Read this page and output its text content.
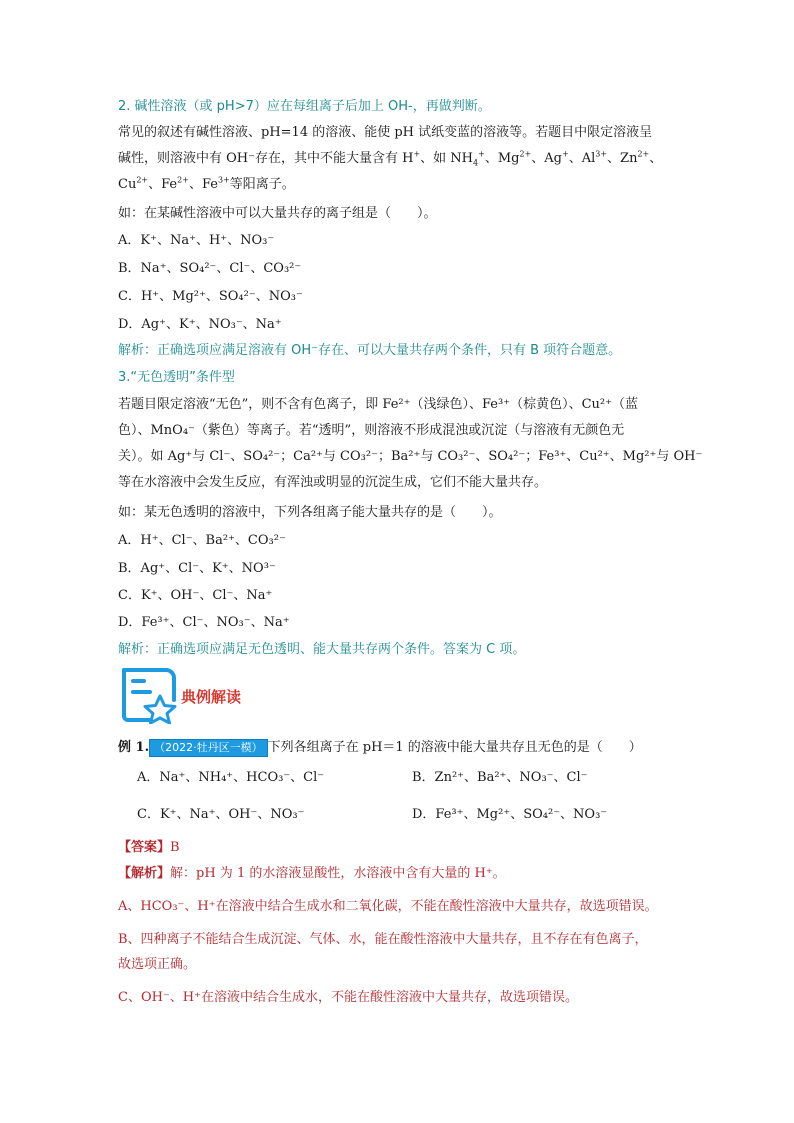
2. 碱性溶液（或 pH>7）应在每组离子后加上 OH-，再做判断。
常见的叙述有碱性溶液、pH=14 的溶液、能使 pH 试纸变蓝的溶液等。若题目中限定溶液呈
碱性，则溶液中有 OH⁻存在，其中不能大量含有 H+、如 $NH_4^+$、$Mg^{2+}$、Ag+、$Al^{3+}$、$Zn^{2+}$、
$Cu^{2+}$、$Fe^{2+}$、$Fe^{3+}$等阳离子。
如：在某碱性溶液中可以大量共存的离子组是（　　）。
A．K⁺、Na⁺、H⁺、NO₃⁻
B．Na⁺、SO₄²⁻、Cl⁻、CO₃²⁻
C．H⁺、Mg²⁺、SO₄²⁻、NO₃⁻
D．Ag⁺、K⁺、NO₃⁻、Na⁺
解析：正确选项应满足溶液有 OH⁻存在、可以大量共存两个条件，只有 B 项符合题意。
3.“无色透明”条件型
若题目限定溶液“无色”，则不含有色离子，即 Fe²⁺（浅绿色）、Fe³⁺（棕黄色）、Cu²⁺（蓝
色）、MnO₄⁻（紫色）等离子。若“透明”，则溶液不形成混浊或沉淀（与溶液有无颜色无
关）。如 Ag⁺与 Cl⁻、SO₄²⁻；Ca²⁺与 CO₃²⁻；Ba²⁺与 CO₃²⁻、SO₄²⁻；Fe³⁺、Cu²⁺、Mg²⁺与 OH⁻
等在水溶液中会发生反应，有浑浊或明显的沉淀生成，它们不能大量共存。
如：某无色透明的溶液中，下列各组离子能大量共存的是（　　）。
A．H⁺、Cl⁻、Ba²⁺、CO₃²⁻
B．Ag⁺、Cl⁻、K⁺、NO³⁻
C．K⁺、OH⁻、Cl⁻、Na⁺
D．Fe³⁺、Cl⁻、NO₃⁻、Na⁺
解析：正确选项应满足无色透明、能大量共存两个条件。答案为 C 项。
典例解读
例 1. （2022·牡丹区一模） 下列各组离子在 pH＝1 的溶液中能大量共存且无色的是（　　）
A．Na⁺、NH₄⁺、HCO₃⁻、Cl⁻	B．Zn²⁺、Ba²⁺、NO₃⁻、Cl⁻
C．K⁺、Na⁺、OH⁻、NO₃⁻	D．Fe³⁺、Mg²⁺、SO₄²⁻、NO₃⁻
【答案】B
【解析】解：pH 为 1 的水溶液显酸性，水溶液中含有大量的 H⁺。
A、HCO₃⁻、H⁺在溶液中结合生成水和二氧化碳，不能在酸性溶液中大量共存，故选项错误。
B、四种离子不能结合生成沉淀、气体、水，能在酸性溶液中大量共存，且不存在有色离子，
故选项正确。
C、OH⁻、H⁺在溶液中结合生成水，不能在酸性溶液中大量共存，故选项错误。
